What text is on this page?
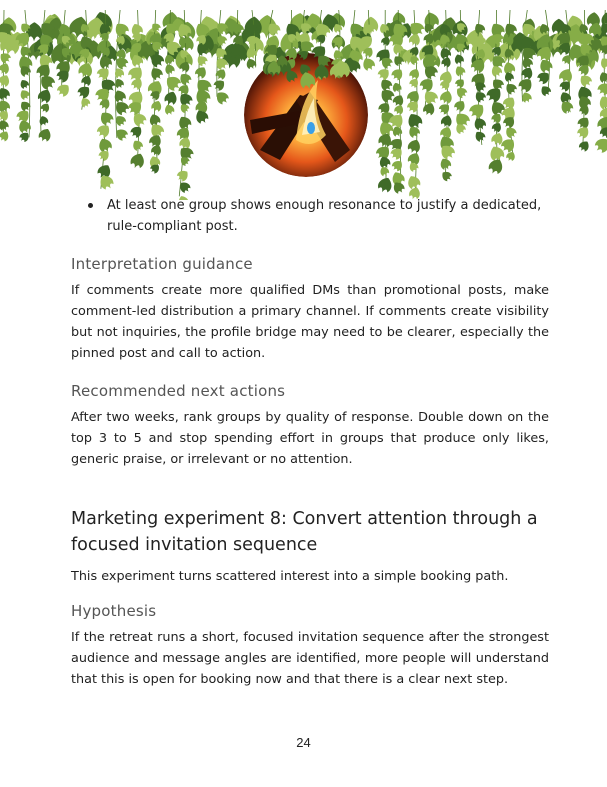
At least one group shows enough resonance to justify a dedicated, rule-compliant post.
Interpretation guidance

If comments create more qualified DMs than promotional posts, make comment-led distribution a primary channel. If comments create visibility but not inquiries, the profile bridge may need to be clearer, especially the pinned post and call to action.

Recommended next actions

After two weeks, rank groups by quality of response. Double down on the top 3 to 5 and stop spending effort in groups that produce only likes, generic praise, or irrelevant or no attention.

Marketing experiment 8: Convert attention through a focused invitation sequence

This experiment turns scattered interest into a simple booking path.

Hypothesis

If the retreat runs a short, focused invitation sequence after the strongest audience and message angles are identified, more people will understand that this is open for booking now and that there is a clear next step.

24
